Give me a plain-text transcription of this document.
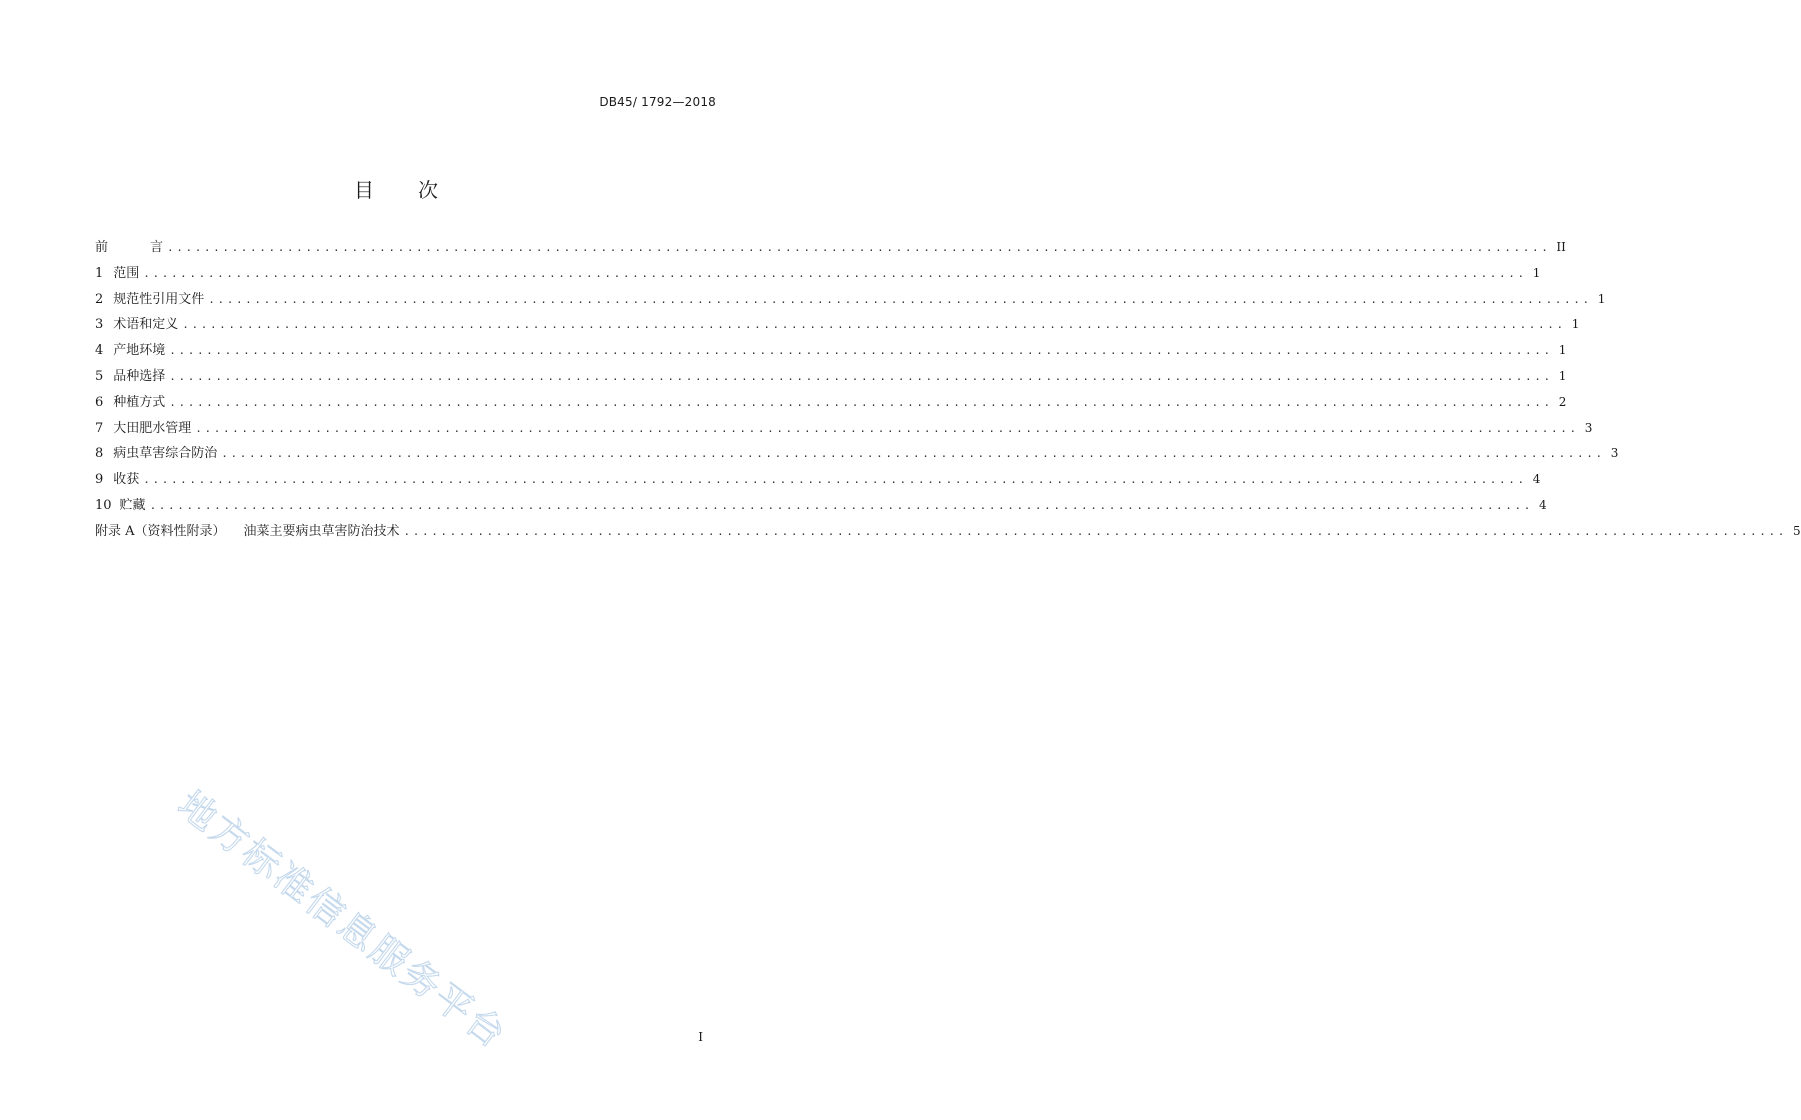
DB45/ 1792—2018
目 次
前	言 ...................................................................................................................................................... II
1 范围 ...................................................................................................................................................... 1
2 规范性引用文件 ...................................................................................................................................................... 1
3 术语和定义 ...................................................................................................................................................... 1
4 产地环境 ...................................................................................................................................................... 1
5 品种选择 ...................................................................................................................................................... 1
6 种植方式 ...................................................................................................................................................... 2
7 大田肥水管理 ...................................................................................................................................................... 3
8 病虫草害综合防治 ...................................................................................................................................................... 3
9 收获 ...................................................................................................................................................... 4
10 贮藏 ...................................................................................................................................................... 4
附录 A（资料性附录） 油菜主要病虫草害防治技术 ...................................................................................................................................................... 5
地方标准信息服务平台	I
